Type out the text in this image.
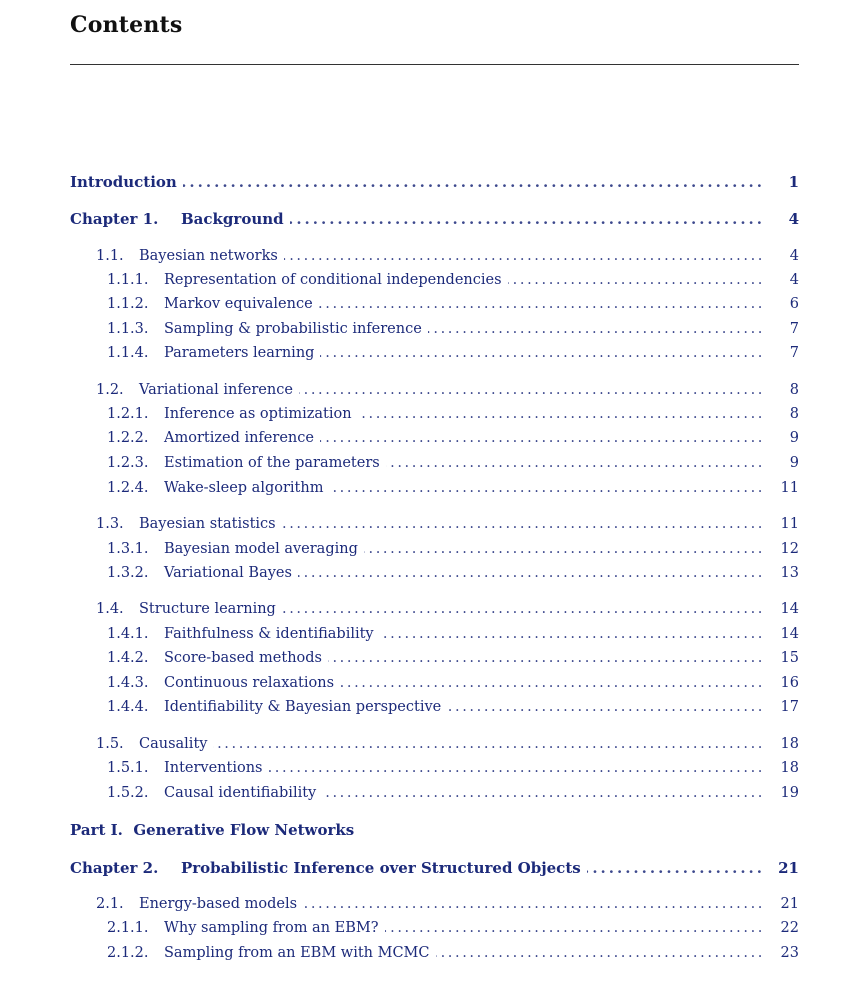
Contents
Introduction .....	1
Chapter 1.	Background .....	4
1.1.	Bayesian networks .....	4
1.1.1.	Representation of conditional independencies .....	4
1.1.2.	Markov equivalence .....	6
1.1.3.	Sampling & probabilistic inference .....	7
1.1.4.	Parameters learning .....	7
1.2.	Variational inference .....	8
1.2.1.	Inference as optimization .....	8
1.2.2.	Amortized inference .....	9
1.2.3.	Estimation of the parameters .....	9
1.2.4.	Wake-sleep algorithm .....	11
1.3.	Bayesian statistics .....	11
1.3.1.	Bayesian model averaging .....	12
1.3.2.	Variational Bayes .....	13
1.4.	Structure learning .....	14
1.4.1.	Faithfulness & identifiability .....	14
1.4.2.	Score-based methods .....	15
1.4.3.	Continuous relaxations .....	16
1.4.4.	Identifiability & Bayesian perspective .....	17
1.5.	Causality .....	18
1.5.1.	Interventions .....	18
1.5.2.	Causal identifiability .....	19
Part I.  Generative Flow Networks
Chapter 2.	Probabilistic Inference over Structured Objects .....	21
2.1.	Energy-based models .....	21
2.1.1.	Why sampling from an EBM? .....	22
2.1.2.	Sampling from an EBM with MCMC .....	23
